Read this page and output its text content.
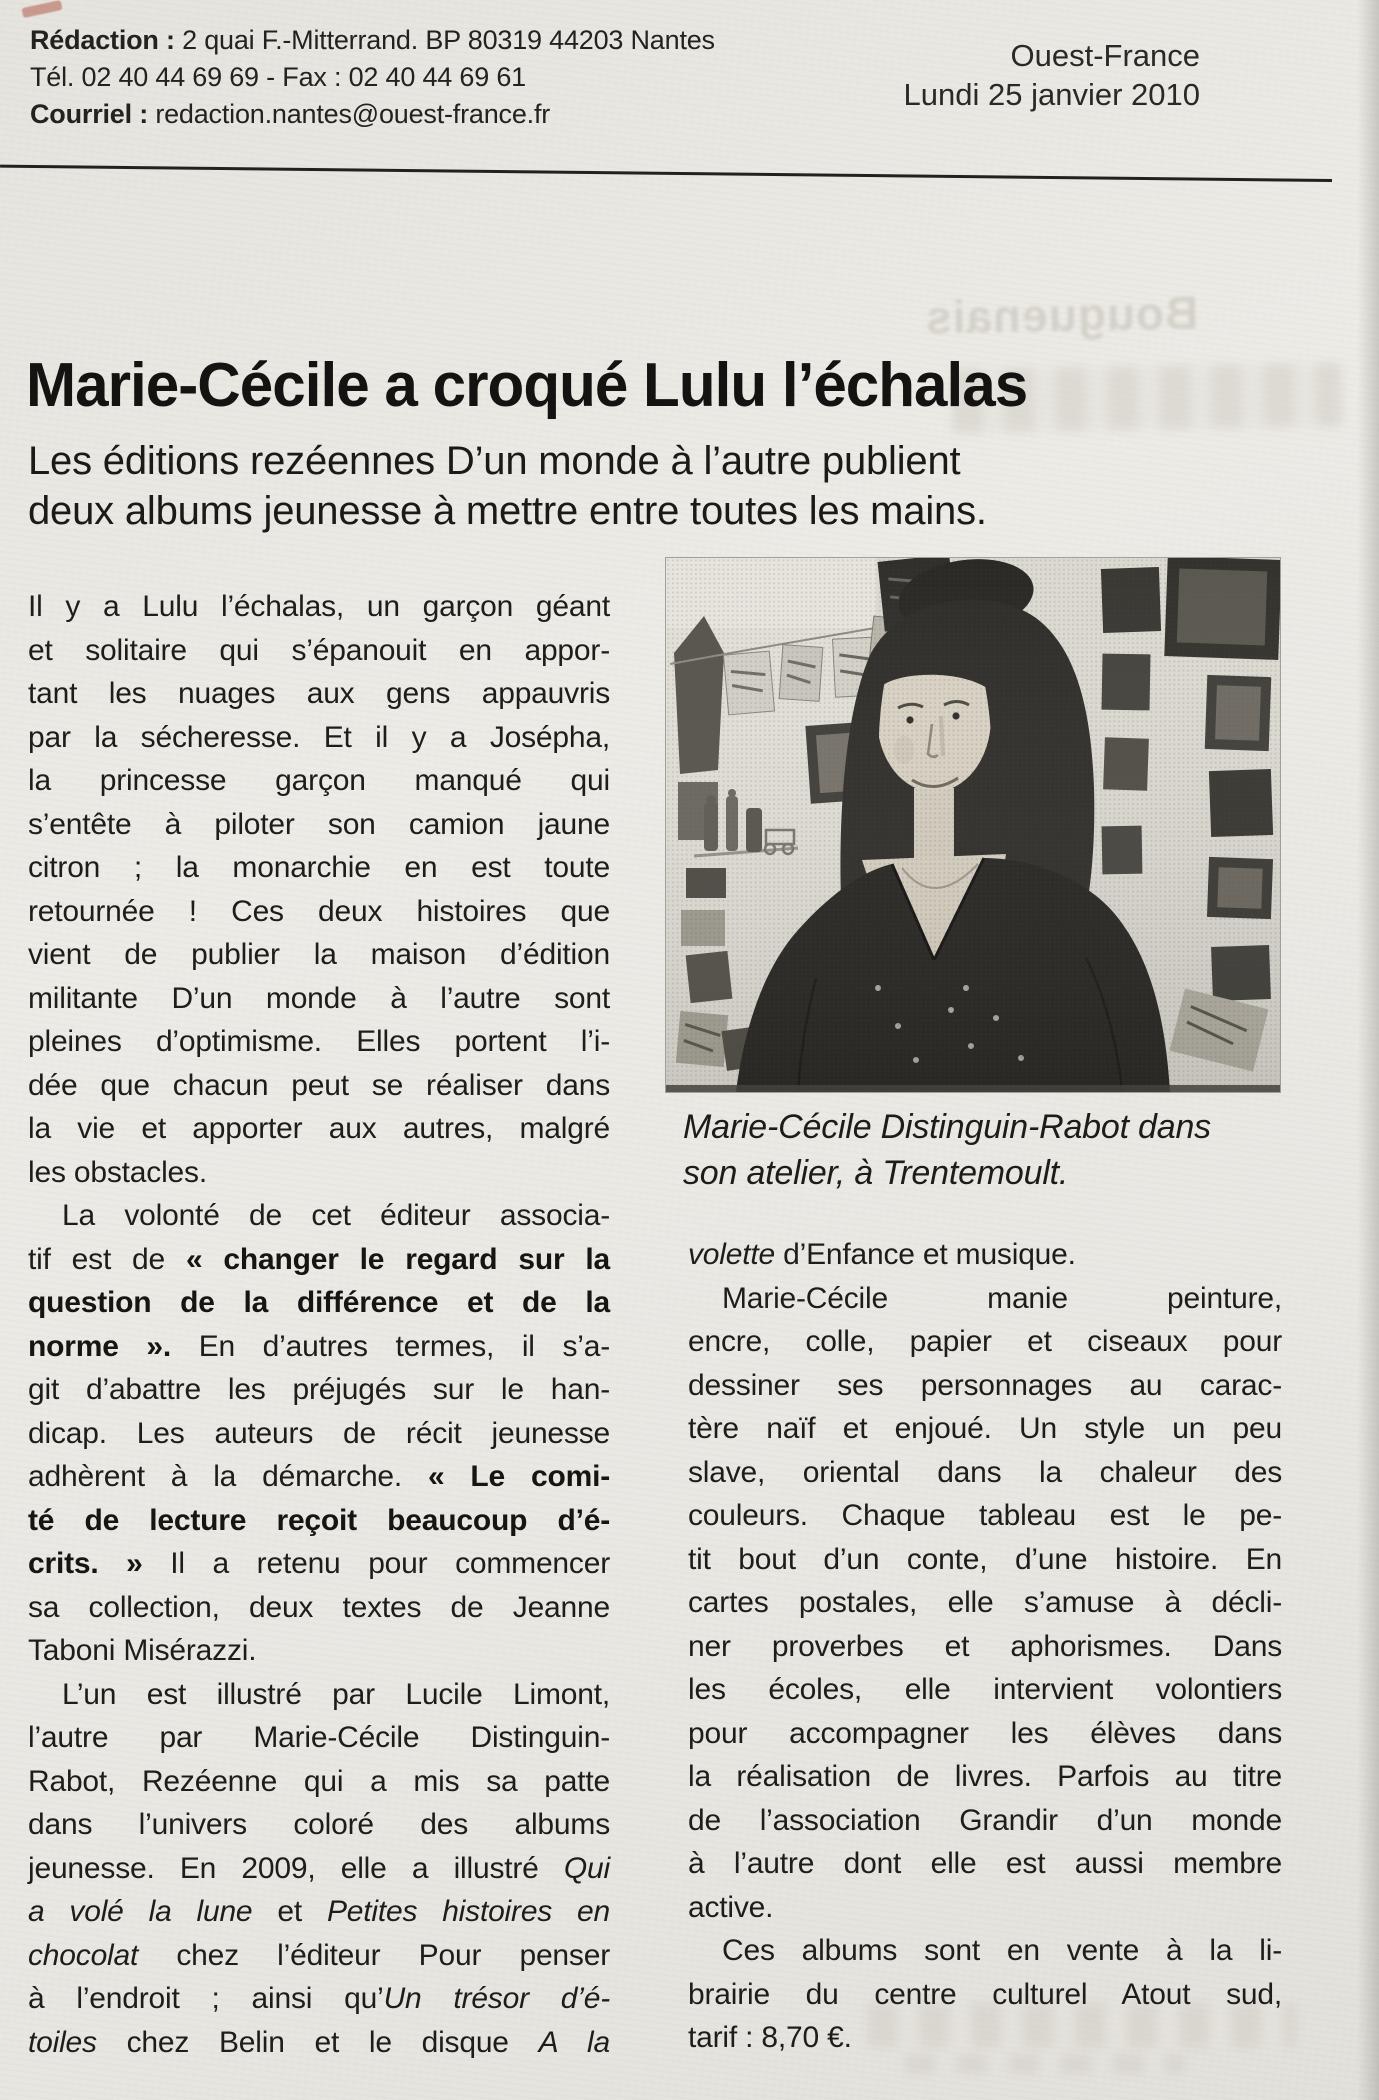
Bouguenais
Rédaction : 2 quai F.-Mitterrand. BP 80319 44203 Nantes
Tél. 02 40 44 69 69 - Fax : 02 40 44 69 61
Courriel : redaction.nantes@ouest-france.fr
Ouest-France
Lundi 25 janvier 2010
Marie-Cécile a croqué Lulu l’échalas
Les éditions rezéennes D’un monde à l’autre publient
deux albums jeunesse à mettre entre toutes les mains.
Il y a Lulu l’échalas, un garçon géant
et solitaire qui s’épanouit en appor-
tant les nuages aux gens appauvris
par la sécheresse. Et il y a Josépha,
la princesse garçon manqué qui
s’entête à piloter son camion jaune
citron ; la monarchie en est toute
retournée ! Ces deux histoires que
vient de publier la maison d’édition
militante D’un monde à l’autre sont
pleines d’optimisme. Elles portent l’i-
dée que chacun peut se réaliser dans
la vie et apporter aux autres, malgré
les obstacles.
La volonté de cet éditeur associa-
tif est de « changer le regard sur la
question de la différence et de la
norme ». En d’autres termes, il s’a-
git d’abattre les préjugés sur le han-
dicap. Les auteurs de récit jeunesse
adhèrent à la démarche. « Le comi-
té de lecture reçoit beaucoup d’é-
crits. » Il a retenu pour commencer
sa collection, deux textes de Jeanne
Taboni Misérazzi.
L’un est illustré par Lucile Limont,
l’autre par Marie-Cécile Distinguin-
Rabot, Rezéenne qui a mis sa patte
dans l’univers coloré des albums
jeunesse. En 2009, elle a illustré Qui
a volé la lune et Petites histoires en
chocolat chez l’éditeur Pour penser
à l’endroit ; ainsi qu’Un trésor d’é-
toiles chez Belin et le disque A la
volette d’Enfance et musique.
Marie-Cécile manie peinture,
encre, colle, papier et ciseaux pour
dessiner ses personnages au carac-
tère naïf et enjoué. Un style un peu
slave, oriental dans la chaleur des
couleurs. Chaque tableau est le pe-
tit bout d’un conte, d’une histoire. En
cartes postales, elle s’amuse à décli-
ner proverbes et aphorismes. Dans
les écoles, elle intervient volontiers
pour accompagner les élèves dans
la réalisation de livres. Parfois au titre
de l’association Grandir d’un monde
à l’autre dont elle est aussi membre
active.
Ces albums sont en vente à la li-
brairie du centre culturel Atout sud,
tarif : 8,70 €.
Marie-Cécile Distinguin-Rabot dans
son atelier, à Trentemoult.
